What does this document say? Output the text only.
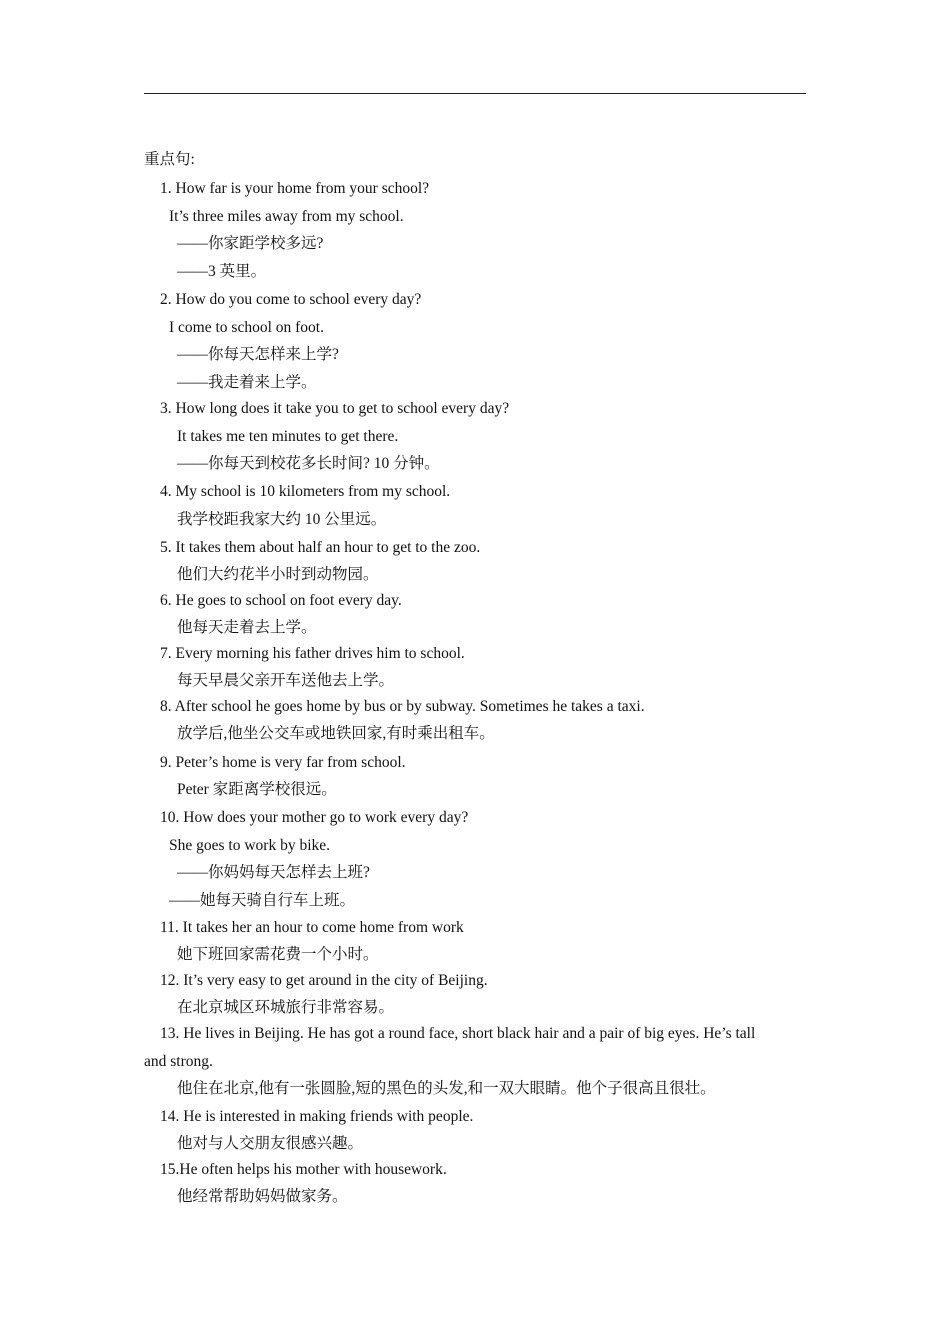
重点句:
1. How far is your home from your school?
It’s three miles away from my school.
——你家距学校多远?
——3 英里。
2. How do you come to school every day?
I come to school on foot.
——你每天怎样来上学?
——我走着来上学。
3. How long does it take you to get to school every day?
It takes me ten minutes to get there.
——你每天到校花多长时间? 10 分钟。
4. My school is 10 kilometers from my school.
我学校距我家大约 10 公里远。
5. It takes them about half an hour to get to the zoo.
他们大约花半小时到动物园。
6. He goes to school on foot every day.
他每天走着去上学。
7. Every morning his father drives him to school.
每天早晨父亲开车送他去上学。
8. After school he goes home by bus or by subway. Sometimes he takes a taxi.
放学后,他坐公交车或地铁回家,有时乘出租车。
9. Peter’s home is very far from school.
Peter 家距离学校很远。
10. How does your mother go to work every day?
She goes to work by bike.
——你妈妈每天怎样去上班?
——她每天骑自行车上班。
11. It takes her an hour to come home from work
她下班回家需花费一个小时。
12. It’s very easy to get around in the city of Beijing.
在北京城区环城旅行非常容易。
13. He lives in Beijing. He has got a round face, short black hair and a pair of big eyes. He’s tall
and strong.
他住在北京,他有一张圆脸,短的黑色的头发,和一双大眼睛。他个子很高且很壮。
14. He is interested in making friends with people.
他对与人交朋友很感兴趣。
15.He often helps his mother with housework.
他经常帮助妈妈做家务。
